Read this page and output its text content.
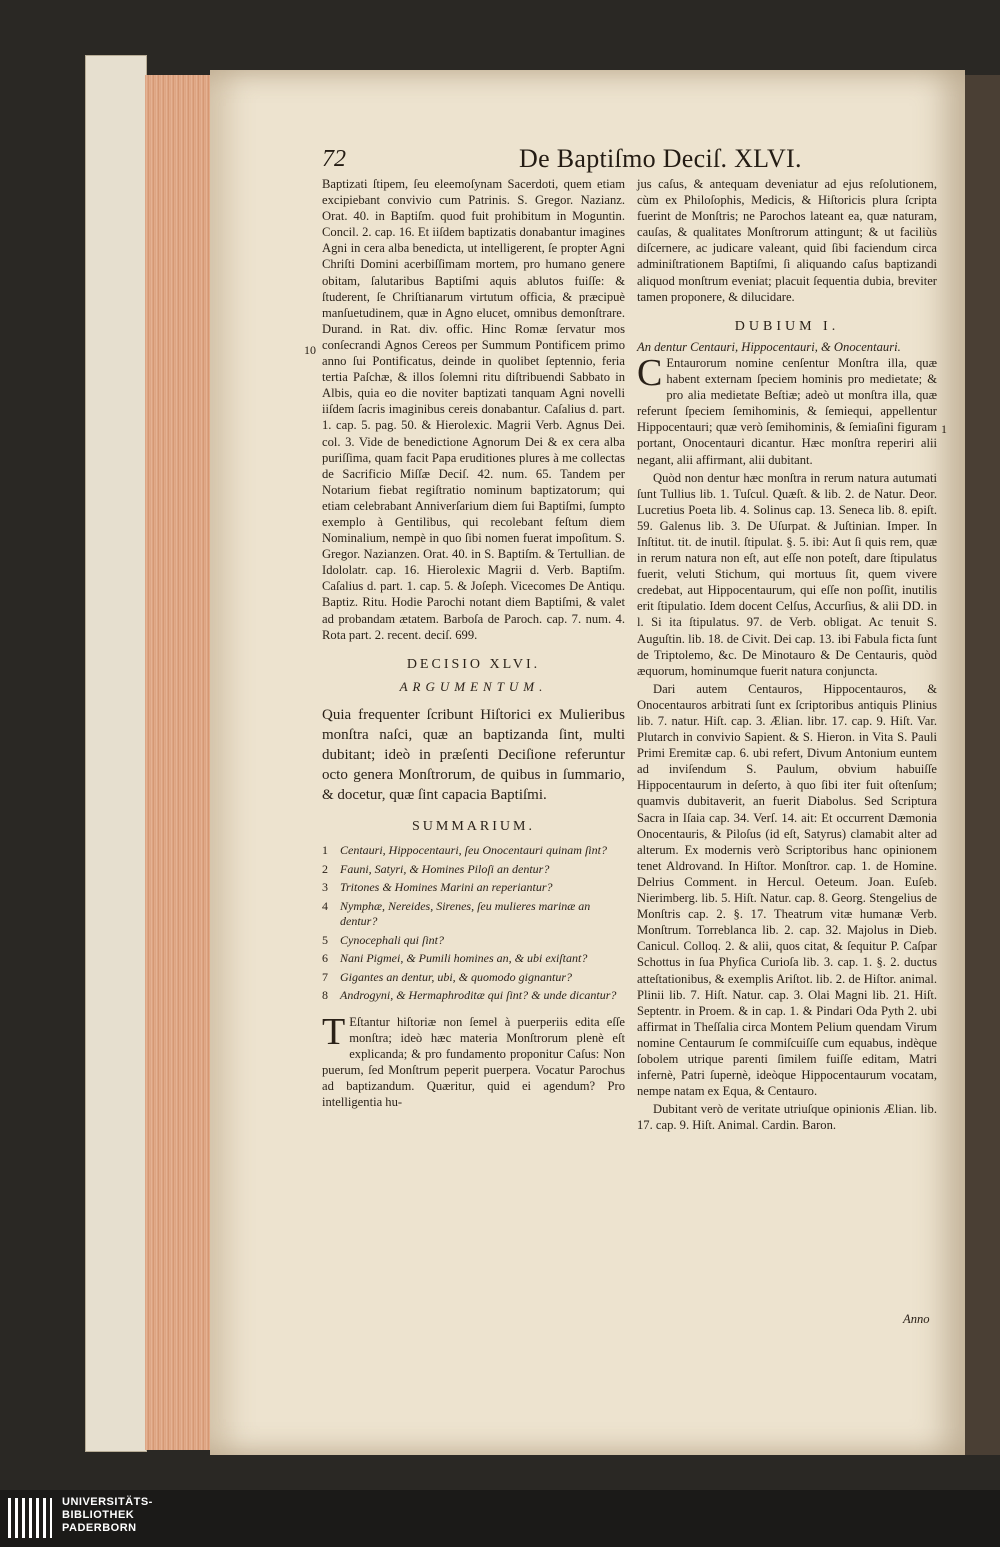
72	De Baptiſmo Deciſ. XLVI.
10
1

Baptizati ſtipem, ſeu eleemoſynam Sacerdoti, quem etiam excipiebant convivio cum Patrinis. S. Gregor. Nazianz. Orat. 40. in Baptiſm. quod fuit prohibitum in Moguntin. Concil. 2. cap. 16. Et iiſdem baptizatis donabantur imagines Agni in cera alba benedicta, ut intelligerent, ſe propter Agni Chriſti Domini acerbiſſimam mortem, pro humano genere obitam, ſalutaribus Baptiſmi aquis ablutos fuiſſe: & ſtuderent, ſe Chriſtianarum virtutum officia, & præcipuè manſuetudinem, quæ in Agno elucet, omnibus demonſtrare. Durand. in Rat. div. offic. Hinc Romæ ſervatur mos conſecrandi Agnos Cereos per Summum Pontificem primo anno ſui Pontificatus, deinde in quolibet ſeptennio, feria tertia Paſchæ, & illos ſolemni ritu diſtribuendi Sabbato in Albis, quia eo die noviter baptizati tanquam Agni novelli iiſdem ſacris imaginibus cereis donabantur. Caſalius d. part. 1. cap. 5. pag. 50. & Hierolexic. Magrii Verb. Agnus Dei. col. 3. Vide de benedictione Agnorum Dei & ex cera alba puriſſima, quam facit Papa eruditiones plures à me collectas de Sacrificio Miſſæ Deciſ. 42. num. 65. Tandem per Notarium fiebat regiſtratio nominum baptizatorum; qui etiam celebrabant Anniverſarium diem ſui Baptiſmi, ſumpto exemplo à Gentilibus, qui recolebant feſtum diem Nominalium, nempè in quo ſibi nomen fuerat impoſitum. S. Gregor. Nazianzen. Orat. 40. in S. Baptiſm. & Tertullian. de Idololatr. cap. 16. Hierolexic Magrii d. Verb. Baptiſm. Caſalius d. part. 1. cap. 5. & Joſeph. Vicecomes De Antiqu. Baptiz. Ritu. Hodie Parochi notant diem Baptiſmi, & valet ad probandam ætatem. Barboſa de Paroch. cap. 7. num. 4. Rota part. 2. recent. deciſ. 699.

DECISIO XLVI.
ARGUMENTUM.

Quia frequenter ſcribunt Hiſtorici ex Mulieribus monſtra naſci, quæ an baptizanda ſint, multi dubitant; ideò in præſenti Deciſione referuntur octo genera Monſtrorum, de quibus in ſummario, & docetur, quæ ſint capacia Baptiſmi.

SUMMARIUM.
1	Centauri, Hippocentauri, ſeu Onocentauri quinam ſint?
2	Fauni, Satyri, & Homines Piloſi an dentur?
3	Tritones & Homines Marini an reperiantur?
4	Nymphæ, Nereides, Sirenes, ſeu mulieres marinæ an dentur?
5	Cynocephali qui ſint?
6	Nani Pigmei, & Pumili homines an, & ubi exiſtant?
7	Gigantes an dentur, ubi, & quomodo gignantur?
8	Androgyni, & Hermaphroditæ qui ſint? & unde dicantur?

T Eſtantur hiſtoriæ non ſemel à puerperiis edita eſſe monſtra; ideò hæc materia Monſtrorum plenè eſt explicanda; & pro fundamento proponitur Caſus: Non puerum, ſed Monſtrum peperit puerpera. Vocatur Parochus ad baptizandum. Quæritur, quid ei agendum? Pro intelligentia hu-

jus caſus, & antequam deveniatur ad ejus reſolutionem, cùm ex Philoſophis, Medicis, & Hiſtoricis plura ſcripta fuerint de Monſtris; ne Parochos lateant ea, quæ naturam, cauſas, & qualitates Monſtrorum attingunt; & ut faciliùs diſcernere, ac judicare valeant, quid ſibi faciendum circa adminiſtrationem Baptiſmi, ſi aliquando caſus baptizandi aliquod monſtrum eveniat; placuit ſequentia dubia, breviter tamen proponere, & dilucidare.

DUBIUM I.

An dentur Centauri, Hippocentauri, & Onocentauri.

C Entaurorum nomine cenſentur Monſtra illa, quæ habent externam ſpeciem hominis pro medietate; & pro alia medietate Beſtiæ; adeò ut monſtra illa, quæ referunt ſpeciem ſemihominis, & ſemiequi, appellentur Hippocentauri; quæ verò ſemihominis, & ſemiaſini figuram portant, Onocentauri dicantur. Hæc monſtra reperiri alii negant, alii affirmant, alii dubitant.

Quòd non dentur hæc monſtra in rerum natura autumati ſunt Tullius lib. 1. Tuſcul. Quæſt. & lib. 2. de Natur. Deor. Lucretius Poeta lib. 4. Solinus cap. 13. Seneca lib. 8. epiſt. 59. Galenus lib. 3. De Uſurpat. & Juſtinian. Imper. In Inſtitut. tit. de inutil. ſtipulat. §. 5. ibi: Aut ſi quis rem, quæ in rerum natura non eſt, aut eſſe non poteſt, dare ſtipulatus fuerit, veluti Stichum, qui mortuus ſit, quem vivere credebat, aut Hippocentaurum, qui eſſe non poſſit, inutilis erit ſtipulatio. Idem docent Celſus, Accurſius, & alii DD. in l. Si ita ſtipulatus. 97. de Verb. obligat. Ac tenuit S. Auguſtin. lib. 18. de Civit. Dei cap. 13. ibi Fabula ficta ſunt de Triptolemo, &c. De Minotauro & De Centauris, quòd æquorum, hominumque fuerit natura conjuncta.

Dari autem Centauros, Hippocentauros, & Onocentauros arbitrati ſunt ex ſcriptoribus antiquis Plinius lib. 7. natur. Hiſt. cap. 3. Ælian. libr. 17. cap. 9. Hiſt. Var. Plutarch in convivio Sapient. & S. Hieron. in Vita S. Pauli Primi Eremitæ cap. 6. ubi refert, Divum Antonium euntem ad inviſendum S. Paulum, obvium habuiſſe Hippocentaurum in deſerto, à quo ſibi iter fuit oſtenſum; quamvis dubitaverit, an fuerit Diabolus. Sed Scriptura Sacra in Iſaia cap. 34. Verſ. 14. ait: Et occurrent Dæmonia Onocentauris, & Piloſus (id eſt, Satyrus) clamabit alter ad alterum. Ex modernis verò Scriptoribus hanc opinionem tenet Aldrovand. In Hiſtor. Monſtror. cap. 1. de Homine. Delrius Comment. in Hercul. Oeteum. Joan. Euſeb. Nierimberg. lib. 5. Hiſt. Natur. cap. 8. Georg. Stengelius de Monſtris cap. 2. §. 17. Theatrum vitæ humanæ Verb. Monſtrum. Torreblanca lib. 2. cap. 32. Majolus in Dieb. Canicul. Colloq. 2. & alii, quos citat, & ſequitur P. Caſpar Schottus in ſua Phyſica Curioſa lib. 3. cap. 1. §. 2. ductus atteſtationibus, & exemplis Ariſtot. lib. 2. de Hiſtor. animal. Plinii lib. 7. Hiſt. Natur. cap. 3. Olai Magni lib. 21. Hiſt. Septentr. in Proem. & in cap. 1. & Pindari Oda Pyth 2. ubi affirmat in Theſſalia circa Montem Pelium quendam Virum nomine Centaurum ſe commiſcuiſſe cum equabus, indèque ſobolem utrique parenti ſimilem fuiſſe editam, Matri infernè, Patri ſupernè, ideòque Hippocentaurum vocatam, nempe natam ex Equa, & Centauro.

Dubitant verò de veritate utriuſque opinionis Ælian. lib. 17. cap. 9. Hiſt. Animal. Cardin. Baron.

Anno
UNIVERSITÄTS-
BIBLIOTHEK
PADERBORN
